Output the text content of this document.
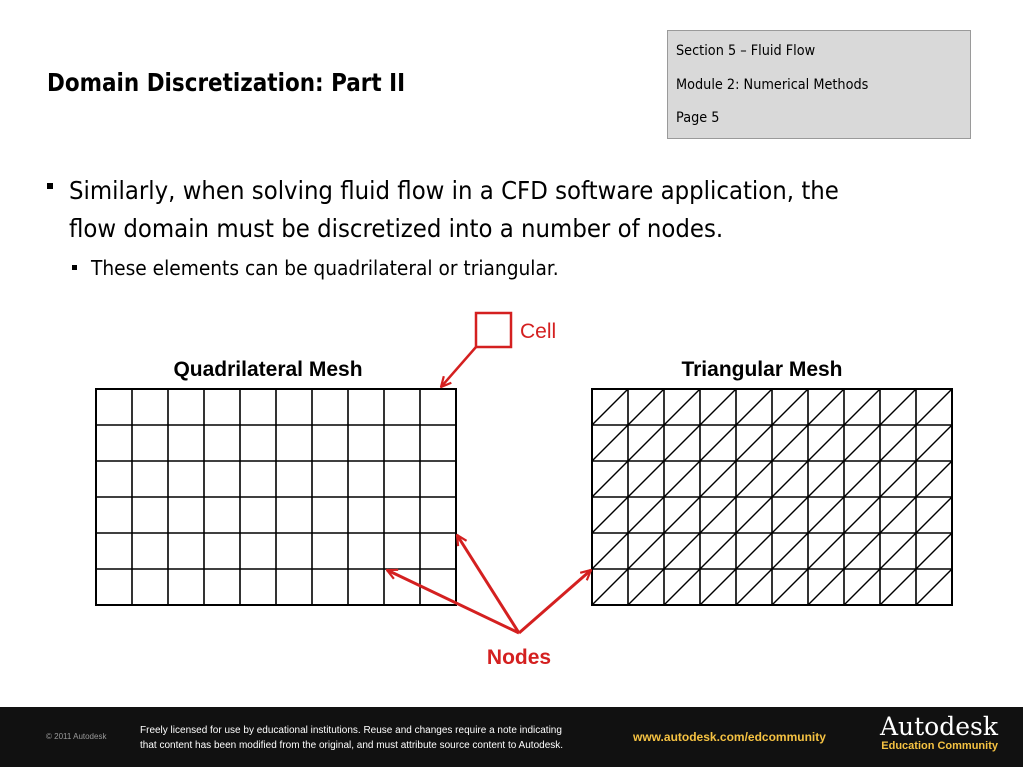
Domain Discretization: Part II
Section 5 – Fluid Flow
Module 2: Numerical Methods
Page 5
Similarly, when solving fluid flow in a CFD software application, the
flow domain must be discretized into a number of nodes.
These elements can be quadrilateral or triangular.
Quadrilateral Mesh	Triangular Mesh
Cell
Nodes
© 2011 Autodesk
Freely licensed for use by educational institutions. Reuse and changes require a note indicating
that content has been modified from the original, and must attribute source content to Autodesk.
www.autodesk.com/edcommunity Autodesk
Education Community
